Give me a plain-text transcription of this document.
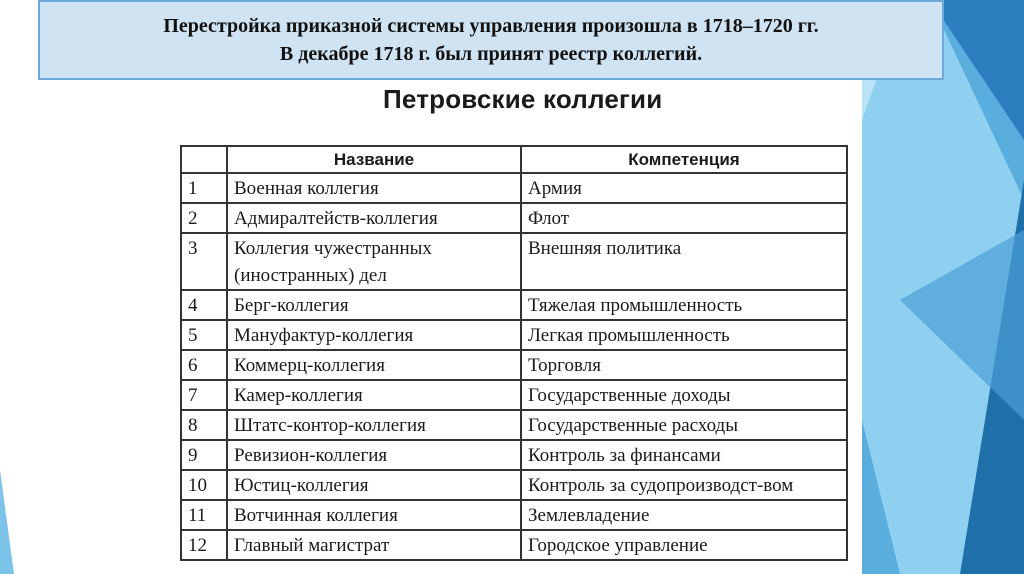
Перестройка приказной системы управления произошла в 1718–1720 гг.
В декабре 1718 г. был принят реестр коллегий.
Петровские коллегии
	Название	Компетенция
1	Военная коллегия	Армия
2	Адмиралтейств-коллегия	Флот
3	Коллегия чужестранных (иностранных) дел	Внешняя политика
4	Берг-коллегия	Тяжелая промышленность
5	Мануфактур-коллегия	Легкая промышленность
6	Коммерц-коллегия	Торговля
7	Камер-коллегия	Государственные доходы
8	Штатс-контор-коллегия	Государственные расходы
9	Ревизион-коллегия	Контроль за финансами
10	Юстиц-коллегия	Контроль за судопроизводст-вом
11	Вотчинная коллегия	Землевладение
12	Главный магистрат	Городское управление
